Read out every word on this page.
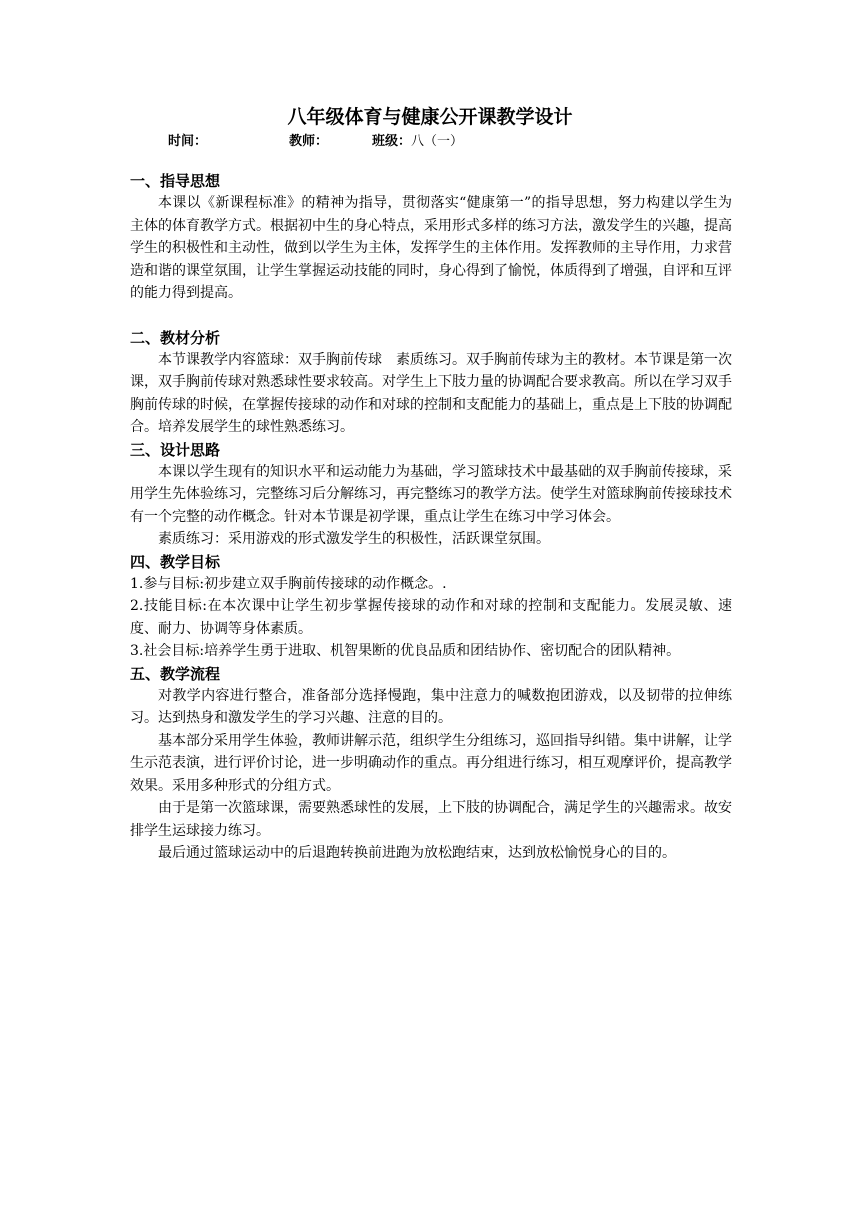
八年级体育与健康公开课教学设计
时间：	教师：	班级：八（一）
一、指导思想

本课以《新课程标准》的精神为指导，贯彻落实“健康第一”的指导思想，努力构建以学生为主体的体育教学方式。根据初中生的身心特点，采用形式多样的练习方法，激发学生的兴趣，提高学生的积极性和主动性，做到以学生为主体，发挥学生的主体作用。发挥教师的主导作用，力求营造和谐的课堂氛围，让学生掌握运动技能的同时，身心得到了愉悦，体质得到了增强，自评和互评的能力得到提高。

二、教材分析

本节课教学内容篮球：双手胸前传球　素质练习。双手胸前传球为主的教材。本节课是第一次课，双手胸前传球对熟悉球性要求较高。对学生上下肢力量的协调配合要求教高。所以在学习双手胸前传球的时候，在掌握传接球的动作和对球的控制和支配能力的基础上，重点是上下肢的协调配合。培养发展学生的球性熟悉练习。

三、设计思路

本课以学生现有的知识水平和运动能力为基础，学习篮球技术中最基础的双手胸前传接球，采用学生先体验练习，完整练习后分解练习，再完整练习的教学方法。使学生对篮球胸前传接球技术有一个完整的动作概念。针对本节课是初学课，重点让学生在练习中学习体会。

素质练习：采用游戏的形式激发学生的积极性，活跃课堂氛围。

四、教学目标

1.参与目标:初步建立双手胸前传接球的动作概念。.

2.技能目标:在本次课中让学生初步掌握传接球的动作和对球的控制和支配能力。发展灵敏、速度、耐力、协调等身体素质。

3.社会目标:培养学生勇于进取、机智果断的优良品质和团结协作、密切配合的团队精神。

五、教学流程

对教学内容进行整合，准备部分选择慢跑，集中注意力的喊数抱团游戏，以及韧带的拉伸练习。达到热身和激发学生的学习兴趣、注意的目的。

基本部分采用学生体验，教师讲解示范，组织学生分组练习，巡回指导纠错。集中讲解，让学生示范表演，进行评价讨论，进一步明确动作的重点。再分组进行练习，相互观摩评价，提高教学效果。采用多种形式的分组方式。

由于是第一次篮球课，需要熟悉球性的发展，上下肢的协调配合，满足学生的兴趣需求。故安排学生运球接力练习。

最后通过篮球运动中的后退跑转换前进跑为放松跑结束，达到放松愉悦身心的目的。
